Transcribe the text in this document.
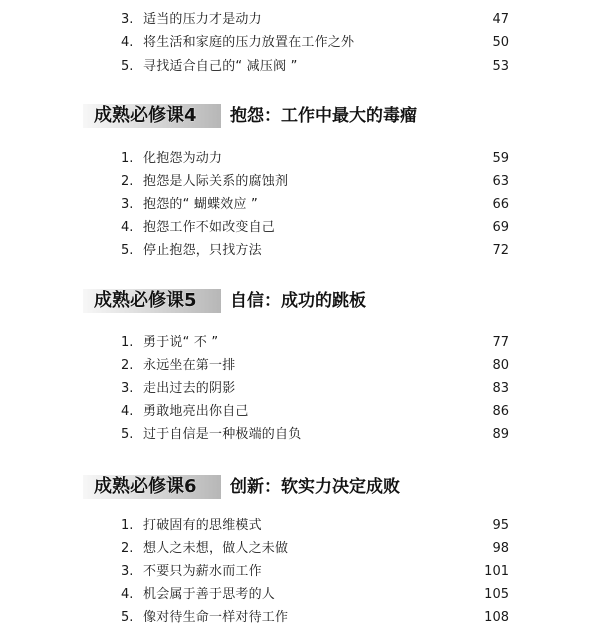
3. 适当的压力才是动力	47
4. 将生活和家庭的压力放置在工作之外	50
5. 寻找适合自己的“ 减压阀 ”	53
成熟必修课4 抱怨：工作中最大的毒瘤
1. 化抱怨为动力	59
2. 抱怨是人际关系的腐蚀剂	63
3. 抱怨的“ 蝴蝶效应 ”	66
4. 抱怨工作不如改变自己	69
5. 停止抱怨，只找方法	72
成熟必修课5 自信：成功的跳板
1. 勇于说“ 不 ”	77
2. 永远坐在第一排	80
3. 走出过去的阴影	83
4. 勇敢地亮出你自己	86
5. 过于自信是一种极端的自负	89
成熟必修课6 创新：软实力决定成败
1. 打破固有的思维模式	95
2. 想人之未想，做人之未做	98
3. 不要只为薪水而工作	101
4. 机会属于善于思考的人	105
5. 像对待生命一样对待工作	108
